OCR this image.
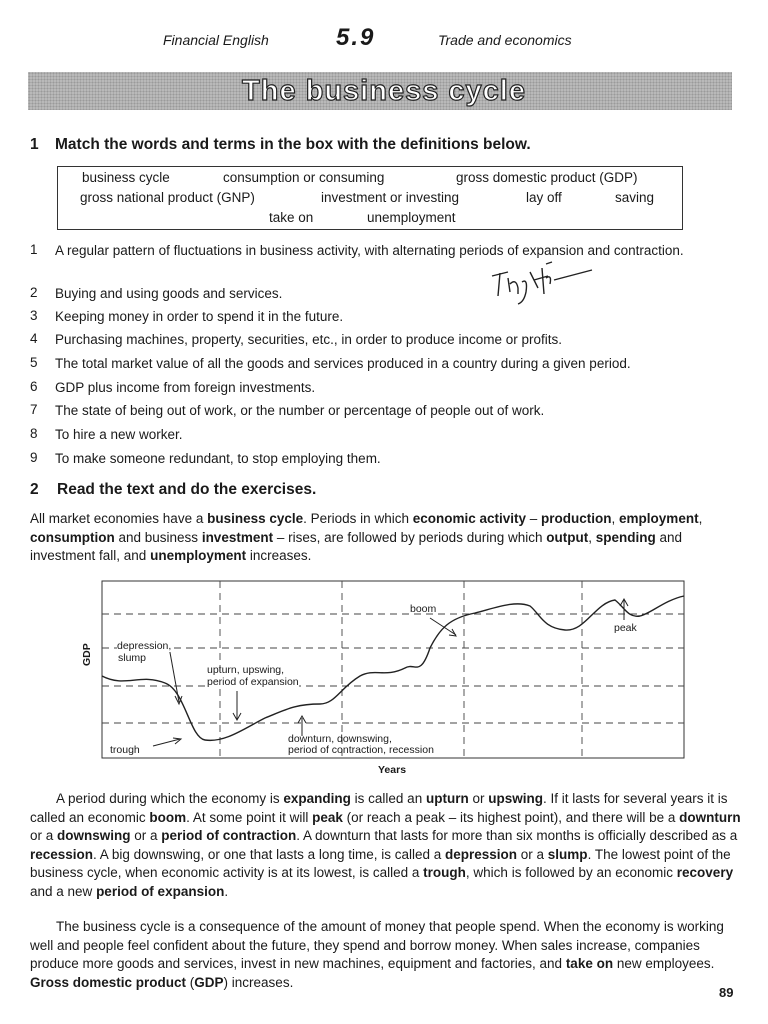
Financial English	5.9	Trade and economics
The business cycle
1 Match the words and terms in the box with the definitions below.
business cycle	consumption or consuming	gross domestic product (GDP)
gross national product (GNP)	investment or investing	lay off	saving
take on	unemployment
1 A regular pattern of fluctuations in business activity, with alternating periods of expansion and contraction.
2 Buying and using goods and services.
3 Keeping money in order to spend it in the future.
4 Purchasing machines, property, securities, etc., in order to produce income or profits.
5 The total market value of all the goods and services produced in a country during a given period.
6 GDP plus income from foreign investments.
7 The state of being out of work, or the number or percentage of people out of work.
8 To hire a new worker.
9 To make someone redundant, to stop employing them.
2 Read the text and do the exercises.
All market economies have a business cycle. Periods in which economic activity – production, employment, consumption and business investment – rises, are followed by periods during which output, spending and investment fall, and unemployment increases.
GDP
Years
boom
peak
depression,
slump
upturn, upswing,
period of expansion
downturn, downswing,
period of contraction, recession
trough
A period during which the economy is expanding is called an upturn or upswing. If it lasts for several years it is called an economic boom. At some point it will peak (or reach a peak – its highest point), and there will be a downturn or a downswing or a period of contraction. A downturn that lasts for more than six months is officially described as a recession. A big downswing, or one that lasts a long time, is called a depression or a slump. The lowest point of the business cycle, when economic activity is at its lowest, is called a trough, which is followed by an economic recovery and a new period of expansion.
The business cycle is a consequence of the amount of money that people spend. When the economy is working well and people feel confident about the future, they spend and borrow money. When sales increase, companies produce more goods and services, invest in new machines, equipment and factories, and take on new employees. Gross domestic product (GDP) increases.
89
